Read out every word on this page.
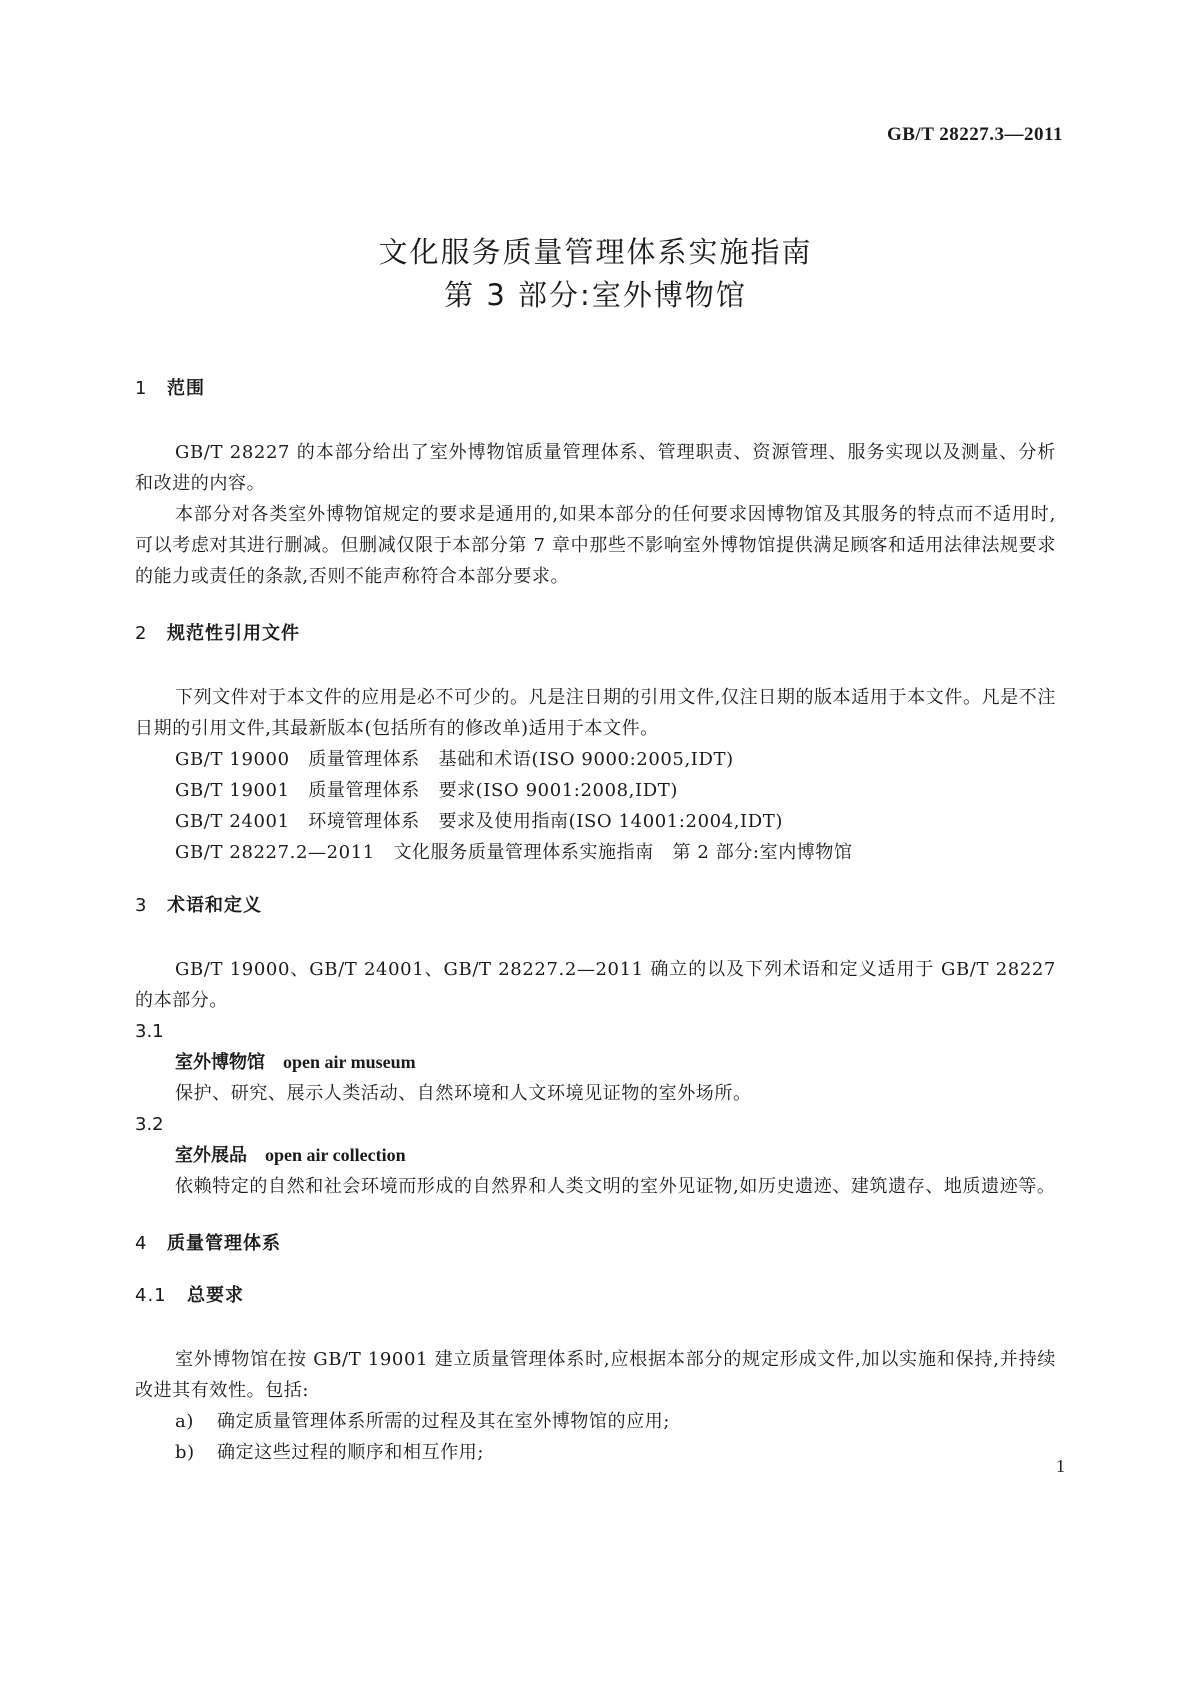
GB/T 28227.3—2011
文化服务质量管理体系实施指南
第 3 部分:室外博物馆
1 范围
GB/T 28227 的本部分给出了室外博物馆质量管理体系、管理职责、资源管理、服务实现以及测量、分析和改进的内容。
本部分对各类室外博物馆规定的要求是通用的,如果本部分的任何要求因博物馆及其服务的特点而不适用时,可以考虑对其进行删减。但删减仅限于本部分第 7 章中那些不影响室外博物馆提供满足顾客和适用法律法规要求的能力或责任的条款,否则不能声称符合本部分要求。
2 规范性引用文件
下列文件对于本文件的应用是必不可少的。凡是注日期的引用文件,仅注日期的版本适用于本文件。凡是不注日期的引用文件,其最新版本(包括所有的修改单)适用于本文件。
GB/T 19000　质量管理体系　基础和术语(ISO 9000:2005,IDT)
GB/T 19001　质量管理体系　要求(ISO 9001:2008,IDT)
GB/T 24001　环境管理体系　要求及使用指南(ISO 14001:2004,IDT)
GB/T 28227.2—2011　文化服务质量管理体系实施指南　第 2 部分:室内博物馆
3 术语和定义
GB/T 19000、GB/T 24001、GB/T 28227.2—2011 确立的以及下列术语和定义适用于 GB/T 28227 的本部分。
3.1
室外博物馆 open air museum
保护、研究、展示人类活动、自然环境和人文环境见证物的室外场所。
3.2
室外展品 open air collection
依赖特定的自然和社会环境而形成的自然界和人类文明的室外见证物,如历史遗迹、建筑遗存、地质遗迹等。
4 质量管理体系
4.1 总要求
室外博物馆在按 GB/T 19001 建立质量管理体系时,应根据本部分的规定形成文件,加以实施和保持,并持续改进其有效性。包括:
a) 确定质量管理体系所需的过程及其在室外博物馆的应用;
b) 确定这些过程的顺序和相互作用;
1
